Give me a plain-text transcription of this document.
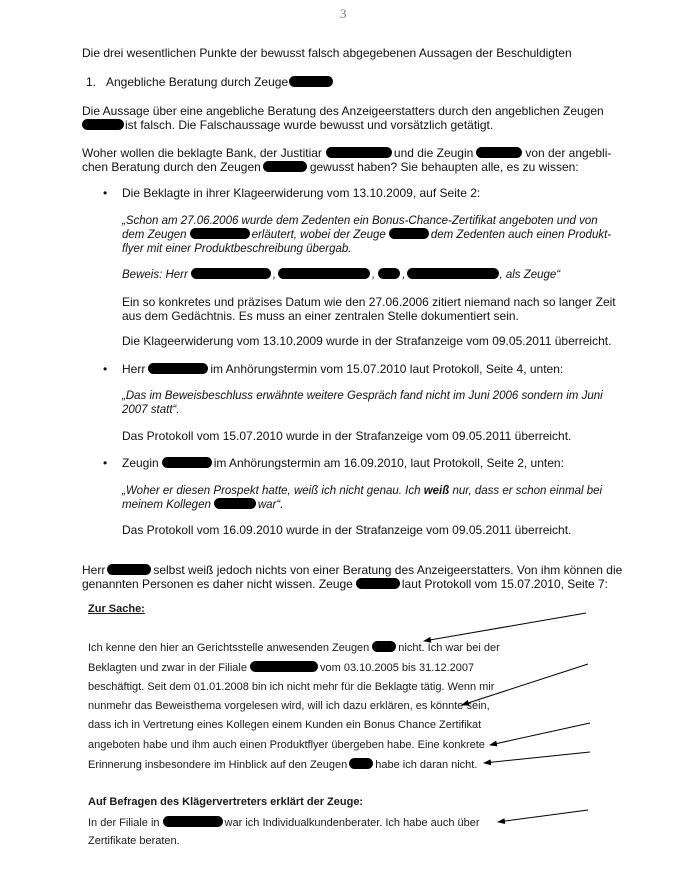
3
Die drei wesentlichen Punkte der bewusst falsch abgegebenen Aussagen der Beschuldigten
1. Angebliche Beratung durch Zeuge
Die Aussage über eine angebliche Beratung des Anzeigeerstatters durch den angeblichen Zeugen
ist falsch. Die Falschaussage wurde bewusst und vorsätzlich getätigt.
Woher wollen die beklagte Bank, der Justitiar	und die Zeugin	von der angebli-
chen Beratung durch den Zeugen	gewusst haben? Sie behaupten alle, es zu wissen:
• Die Beklagte in ihrer Klageerwiderung vom 13.10.2009, auf Seite 2:
„Schon am 27.06.2006 wurde dem Zedenten ein Bonus-Chance-Zertifikat angeboten und von
dem Zeugen	erläutert, wobei der Zeuge	dem Zedenten auch einen Produkt-
flyer mit einer Produktbeschreibung übergab.
Beweis: Herr	,	, ,	, als Zeuge“
Ein so konkretes und präzises Datum wie den 27.06.2006 zitiert niemand nach so langer Zeit
aus dem Gedächtnis. Es muss an einer zentralen Stelle dokumentiert sein.
Die Klageerwiderung vom 13.10.2009 wurde in der Strafanzeige vom 09.05.2011 überreicht.
• Herr	im Anhörungstermin vom 15.07.2010 laut Protokoll, Seite 4, unten:
„Das im Beweisbeschluss erwähnte weitere Gespräch fand nicht im Juni 2006 sondern im Juni
2007 statt“.
Das Protokoll vom 15.07.2010 wurde in der Strafanzeige vom 09.05.2011 überreicht.
• Zeugin	im Anhörungstermin am 16.09.2010, laut Protokoll, Seite 2, unten:
„Woher er diesen Prospekt hatte, weiß ich nicht genau. Ich weiß nur, dass er schon einmal bei
meinem Kollegen	war“.
Das Protokoll vom 16.09.2010 wurde in der Strafanzeige vom 09.05.2011 überreicht.
Herr	selbst weiß jedoch nichts von einer Beratung des Anzeigeerstatters. Von ihm können die
genannten Personen es daher nicht wissen. Zeuge	laut Protokoll vom 15.07.2010, Seite 7:
Zur Sache:
Ich kenne den hier an Gerichtsstelle anwesenden Zeugen	nicht. Ich war bei der
Beklagten und zwar in der Filiale	vom 03.10.2005 bis 31.12.2007
beschäftigt. Seit dem 01.01.2008 bin ich nicht mehr für die Beklagte tätig. Wenn mir
nunmehr das Beweisthema vorgelesen wird, will ich dazu erklären, es könnte sein,
dass ich in Vertretung eines Kollegen einem Kunden ein Bonus Chance Zertifikat
angeboten habe und ihm auch einen Produktflyer übergeben habe. Eine konkrete
Erinnerung insbesondere im Hinblick auf den Zeugen	habe ich daran nicht.
Auf Befragen des Klägervertreters erklärt der Zeuge:
In der Filiale in	war ich Individualkundenberater. Ich habe auch über
Zertifikate beraten.
